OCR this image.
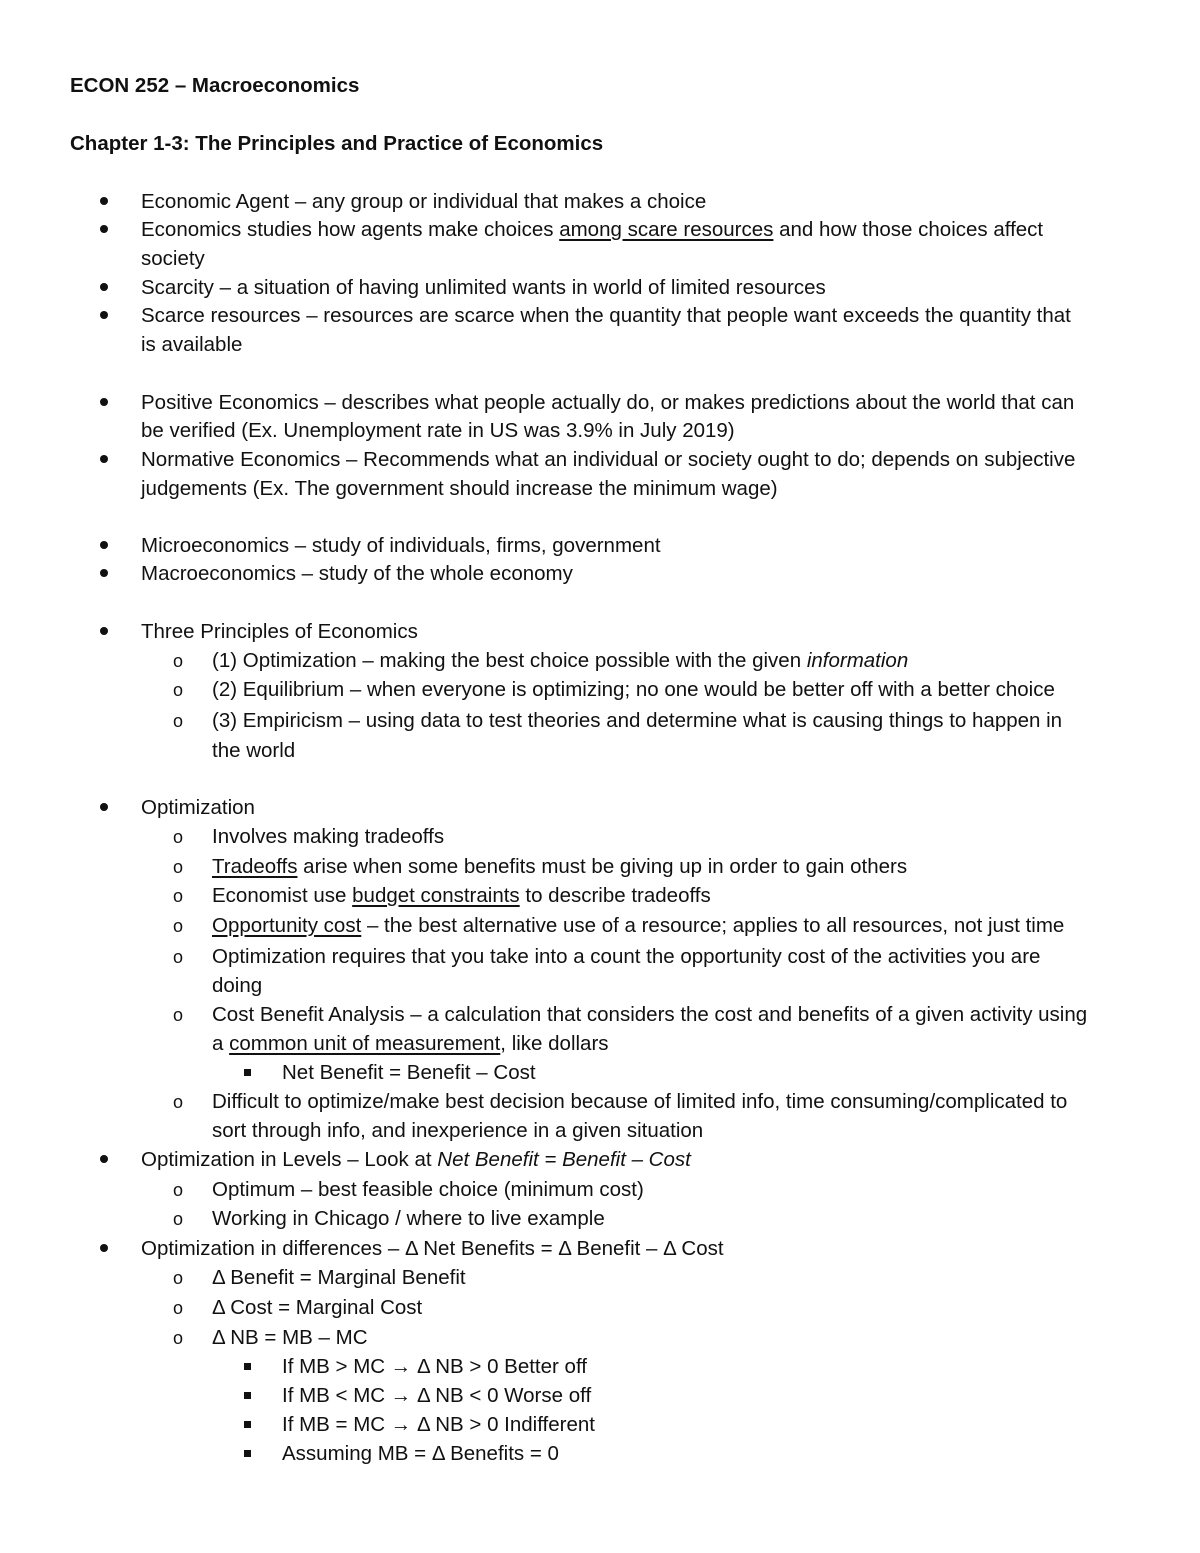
ECON 252 – Macroeconomics
Chapter 1-3: The Principles and Practice of Economics
Economic Agent – any group or individual that makes a choice
Economics studies how agents make choices among scare resources and how those choices affect
society
Scarcity – a situation of having unlimited wants in world of limited resources
Scarce resources – resources are scarce when the quantity that people want exceeds the quantity that
is available
Positive Economics – describes what people actually do, or makes predictions about the world that can
be verified (Ex. Unemployment rate in US was 3.9% in July 2019)
Normative Economics – Recommends what an individual or society ought to do; depends on subjective
judgements (Ex. The government should increase the minimum wage)
Microeconomics – study of individuals, firms, government
Macroeconomics – study of the whole economy
Three Principles of Economics
o (1) Optimization – making the best choice possible with the given information
o (2) Equilibrium – when everyone is optimizing; no one would be better off with a better choice
o (3) Empiricism – using data to test theories and determine what is causing things to happen in
the world
Optimization
o Involves making tradeoffs
o Tradeoffs arise when some benefits must be giving up in order to gain others
o Economist use budget constraints to describe tradeoffs
o Opportunity cost – the best alternative use of a resource; applies to all resources, not just time
o Optimization requires that you take into a count the opportunity cost of the activities you are
doing
o Cost Benefit Analysis – a calculation that considers the cost and benefits of a given activity using
a common unit of measurement, like dollars
Net Benefit = Benefit – Cost
o Difficult to optimize/make best decision because of limited info, time consuming/complicated to
sort through info, and inexperience in a given situation
Optimization in Levels – Look at Net Benefit = Benefit – Cost
o Optimum – best feasible choice (minimum cost)
o Working in Chicago / where to live example
Optimization in differences – Δ Net Benefits = Δ Benefit – Δ Cost
o Δ Benefit = Marginal Benefit
o Δ Cost = Marginal Cost
o Δ NB = MB – MC
If MB > MC → Δ NB > 0 Better off
If MB < MC → Δ NB < 0 Worse off
If MB = MC → Δ NB > 0 Indifferent
Assuming MB = Δ Benefits = 0
